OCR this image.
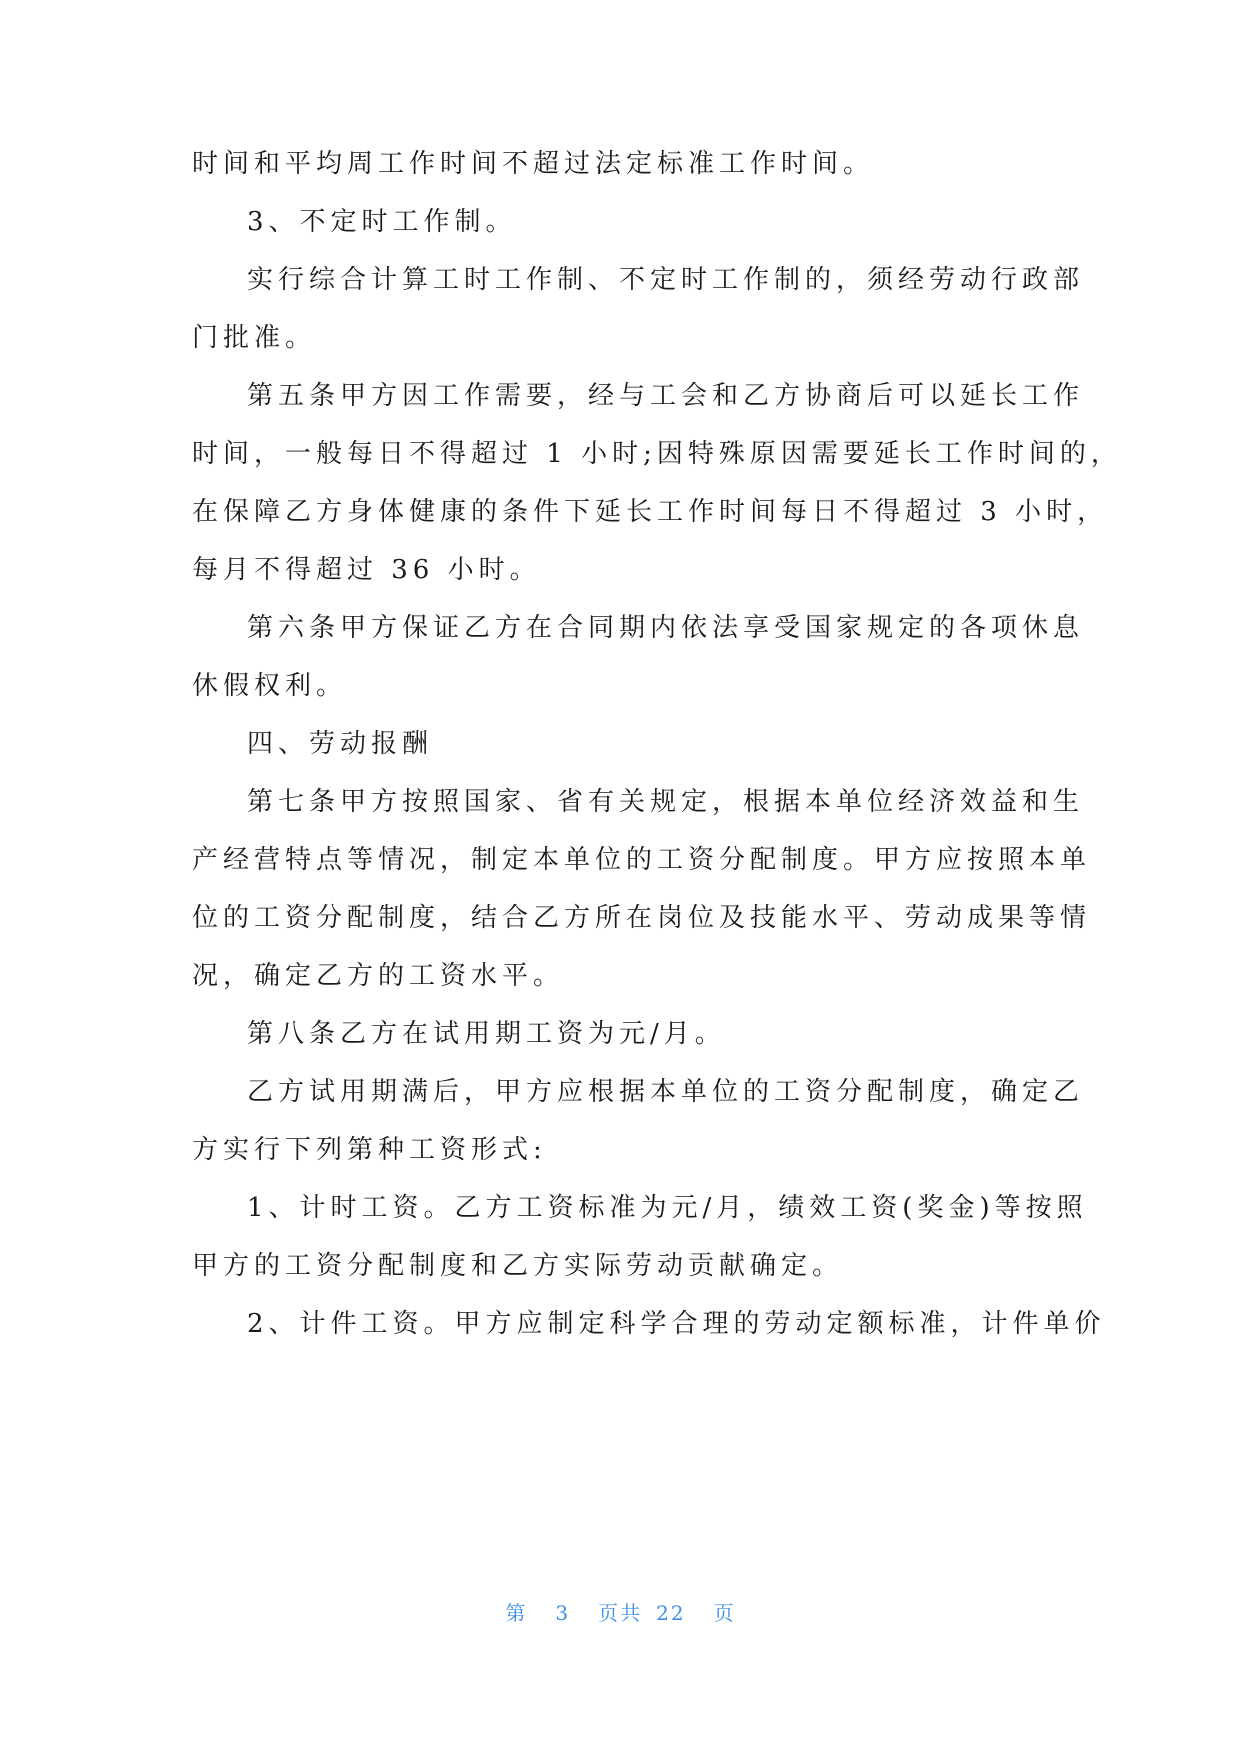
时间和平均周工作时间不超过法定标准工作时间。
3、不定时工作制。
实行综合计算工时工作制、不定时工作制的，须经劳动行政部
门批准。
第五条甲方因工作需要，经与工会和乙方协商后可以延长工作
时间，一般每日不得超过 1 小时;因特殊原因需要延长工作时间的，
在保障乙方身体健康的条件下延长工作时间每日不得超过 3 小时，
每月不得超过 36 小时。
第六条甲方保证乙方在合同期内依法享受国家规定的各项休息
休假权利。
四、劳动报酬
第七条甲方按照国家、省有关规定，根据本单位经济效益和生
产经营特点等情况，制定本单位的工资分配制度。甲方应按照本单
位的工资分配制度，结合乙方所在岗位及技能水平、劳动成果等情
况，确定乙方的工资水平。
第八条乙方在试用期工资为元/月。
乙方试用期满后，甲方应根据本单位的工资分配制度，确定乙
方实行下列第种工资形式:
1、计时工资。乙方工资标准为元/月，绩效工资(奖金)等按照
甲方的工资分配制度和乙方实际劳动贡献确定。
2、计件工资。甲方应制定科学合理的劳动定额标准，计件单价
第 3 页共 22 页
